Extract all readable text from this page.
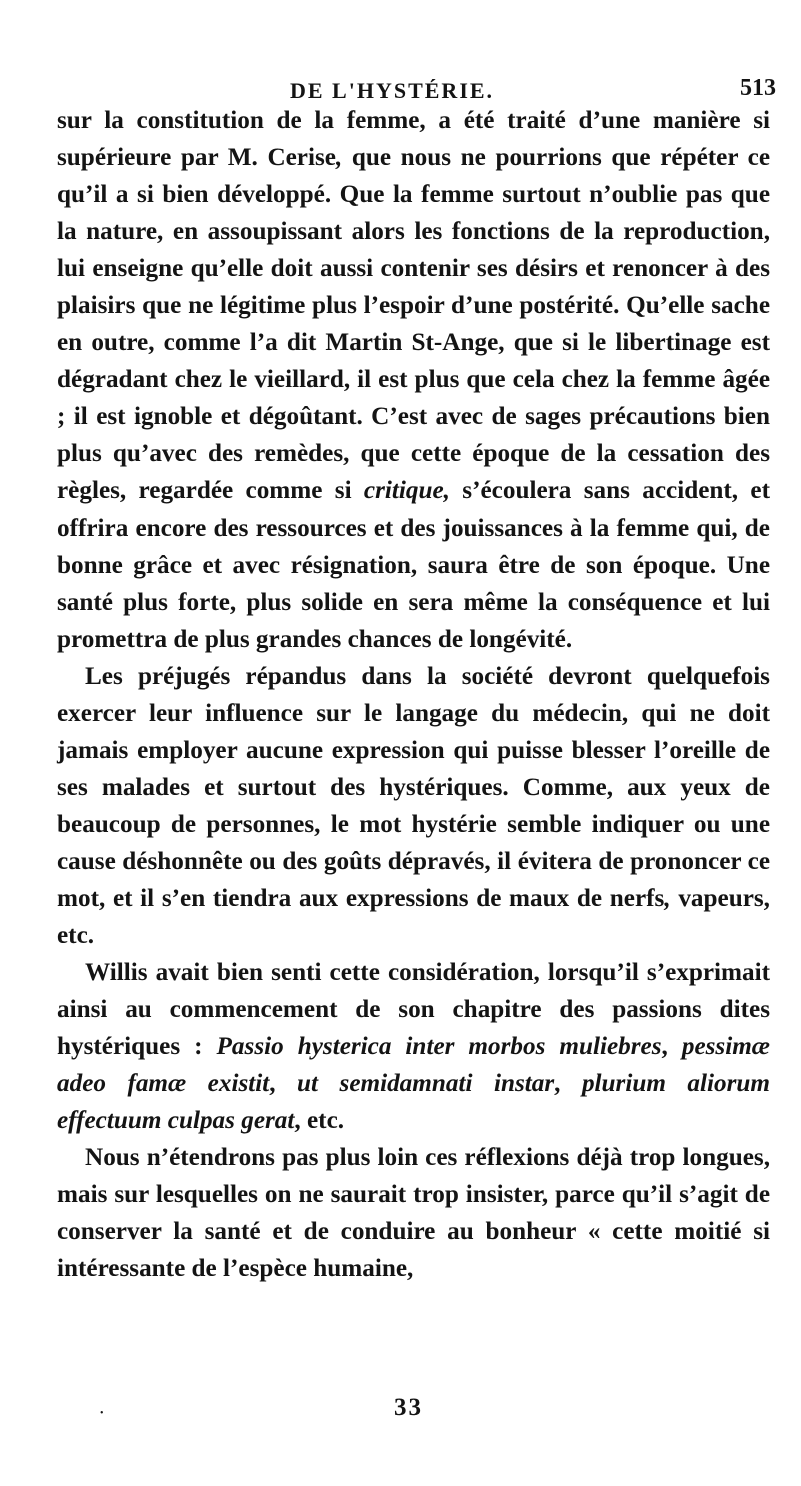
DE L'HYSTÉRIE.	513

sur la constitution de la femme, a été traité d’une manière si supérieure par M. Cerise, que nous ne pourrions que répéter ce qu’il a si bien développé. Que la femme surtout n’oublie pas que la nature, en assoupissant alors les fonctions de la reproduction, lui enseigne qu’elle doit aussi contenir ses désirs et renoncer à des plaisirs que ne légitime plus l’espoir d’une postérité. Qu’elle sache en outre, comme l’a dit Martin St-Ange, que si le libertinage est dégradant chez le vieillard, il est plus que cela chez la femme âgée ; il est ignoble et dégoûtant. C’est avec de sages précautions bien plus qu’avec des remèdes, que cette époque de la cessation des règles, regardée comme si critique, s’écoulera sans accident, et offrira encore des ressources et des jouissances à la femme qui, de bonne grâce et avec résignation, saura être de son époque. Une santé plus forte, plus solide en sera même la conséquence et lui promettra de plus grandes chances de longévité.

Les préjugés répandus dans la société devront quelquefois exercer leur influence sur le langage du médecin, qui ne doit jamais employer aucune expression qui puisse blesser l’oreille de ses malades et surtout des hystériques. Comme, aux yeux de beaucoup de personnes, le mot hystérie semble indiquer ou une cause déshonnête ou des goûts dépravés, il évitera de prononcer ce mot, et il s’en tiendra aux expressions de maux de nerfs, vapeurs, etc.

Willis avait bien senti cette considération, lorsqu’il s’exprimait ainsi au commencement de son chapitre des passions dites hystériques : Passio hysterica inter morbos muliebres, pessimæ adeo famæ existit, ut semidamnati instar, plurium aliorum effectuum culpas gerat, etc.

Nous n’étendrons pas plus loin ces réflexions déjà trop longues, mais sur lesquelles on ne saurait trop insister, parce qu’il s’agit de conserver la santé et de conduire au bonheur « cette moitié si intéressante de l’espèce humaine,

•	33
